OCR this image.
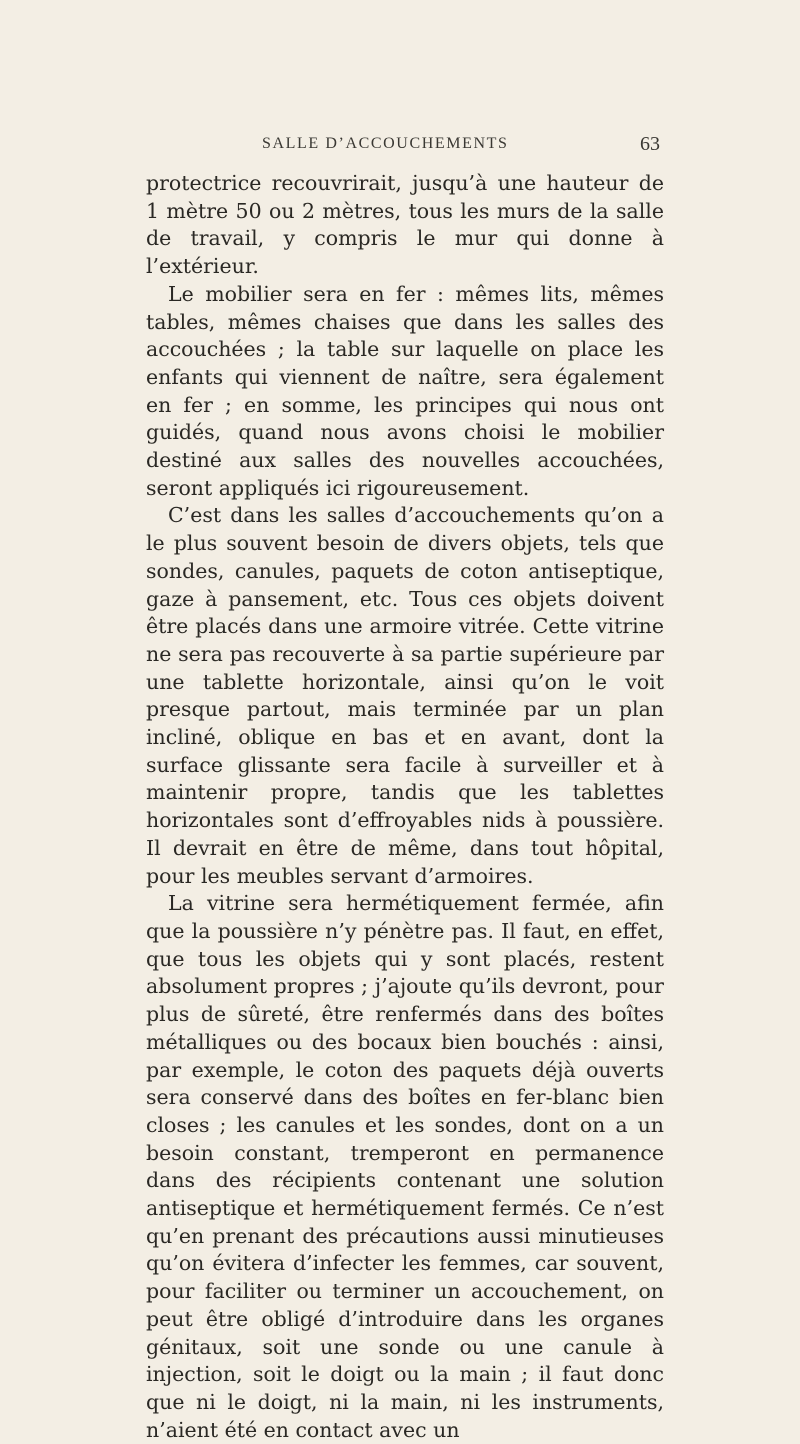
SALLE D’ACCOUCHEMENTS	63

protectrice recouvrirait, jusqu’à une hauteur de 1 mètre 50 ou 2 mètres, tous les murs de la salle de travail, y compris le mur qui donne à l’extérieur.

Le mobilier sera en fer : mêmes lits, mêmes tables, mêmes chaises que dans les salles des accouchées ; la table sur laquelle on place les enfants qui viennent de naître, sera également en fer ; en somme, les principes qui nous ont guidés, quand nous avons choisi le mobilier destiné aux salles des nouvelles accouchées, seront appliqués ici rigoureusement.

C’est dans les salles d’accouchements qu’on a le plus souvent besoin de divers objets, tels que sondes, canules, paquets de coton antiseptique, gaze à pansement, etc. Tous ces objets doivent être placés dans une armoire vitrée. Cette vitrine ne sera pas recouverte à sa partie supérieure par une tablette horizontale, ainsi qu’on le voit presque partout, mais terminée par un plan incliné, oblique en bas et en avant, dont la surface glissante sera facile à surveiller et à maintenir propre, tandis que les tablettes horizontales sont d’effroyables nids à poussière. Il devrait en être de même, dans tout hôpital, pour les meubles servant d’armoires.

La vitrine sera hermétiquement fermée, afin que la poussière n’y pénètre pas. Il faut, en effet, que tous les objets qui y sont placés, restent absolument propres ; j’ajoute qu’ils devront, pour plus de sûreté, être renfermés dans des boîtes métalliques ou des bocaux bien bouchés : ainsi, par exemple, le coton des paquets déjà ouverts sera conservé dans des boîtes en fer-blanc bien closes ; les canules et les sondes, dont on a un besoin constant, tremperont en permanence dans des récipients contenant une solution antiseptique et hermétiquement fermés. Ce n’est qu’en prenant des précautions aussi minutieuses qu’on évitera d’infecter les femmes, car souvent, pour faciliter ou terminer un accouchement, on peut être obligé d’introduire dans les organes génitaux, soit une sonde ou une canule à injection, soit le doigt ou la main ; il faut donc que ni le doigt, ni la main, ni les instruments, n’aient été en contact avec un
